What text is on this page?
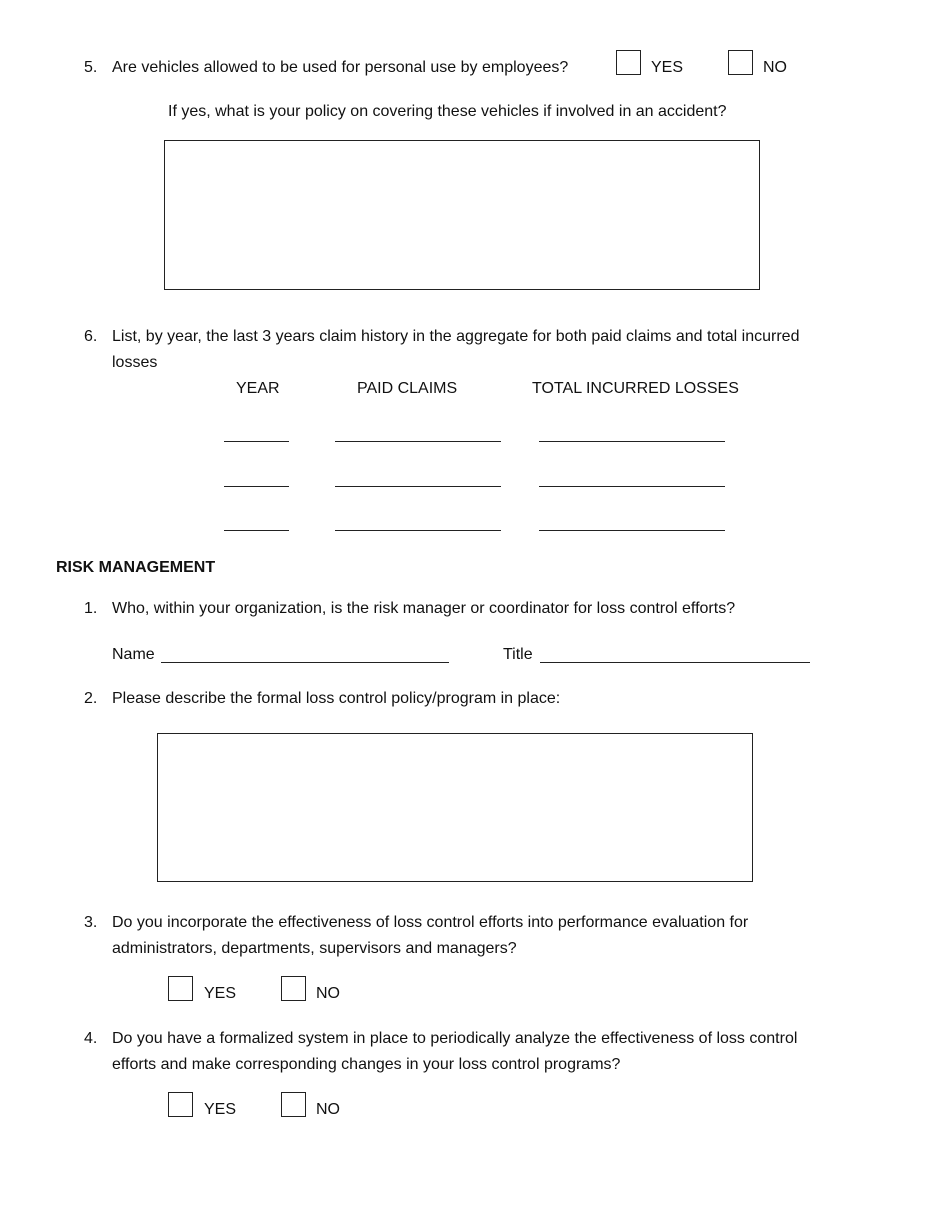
5. Are vehicles allowed to be used for personal use by employees?	YES	NO
If yes, what is your policy on covering these vehicles if involved in an accident?
6. List, by year, the last 3 years claim history in the aggregate for both paid claims and total incurred
losses
YEAR	PAID CLAIMS	TOTAL INCURRED LOSSES
RISK MANAGEMENT
1. Who, within your organization, is the risk manager or coordinator for loss control efforts?
Name	Title
2. Please describe the formal loss control policy/program in place:
3. Do you incorporate the effectiveness of loss control efforts into performance evaluation for
administrators, departments, supervisors and managers?
YES	NO
4. Do you have a formalized system in place to periodically analyze the effectiveness of loss control
efforts and make corresponding changes in your loss control programs?
YES	NO
